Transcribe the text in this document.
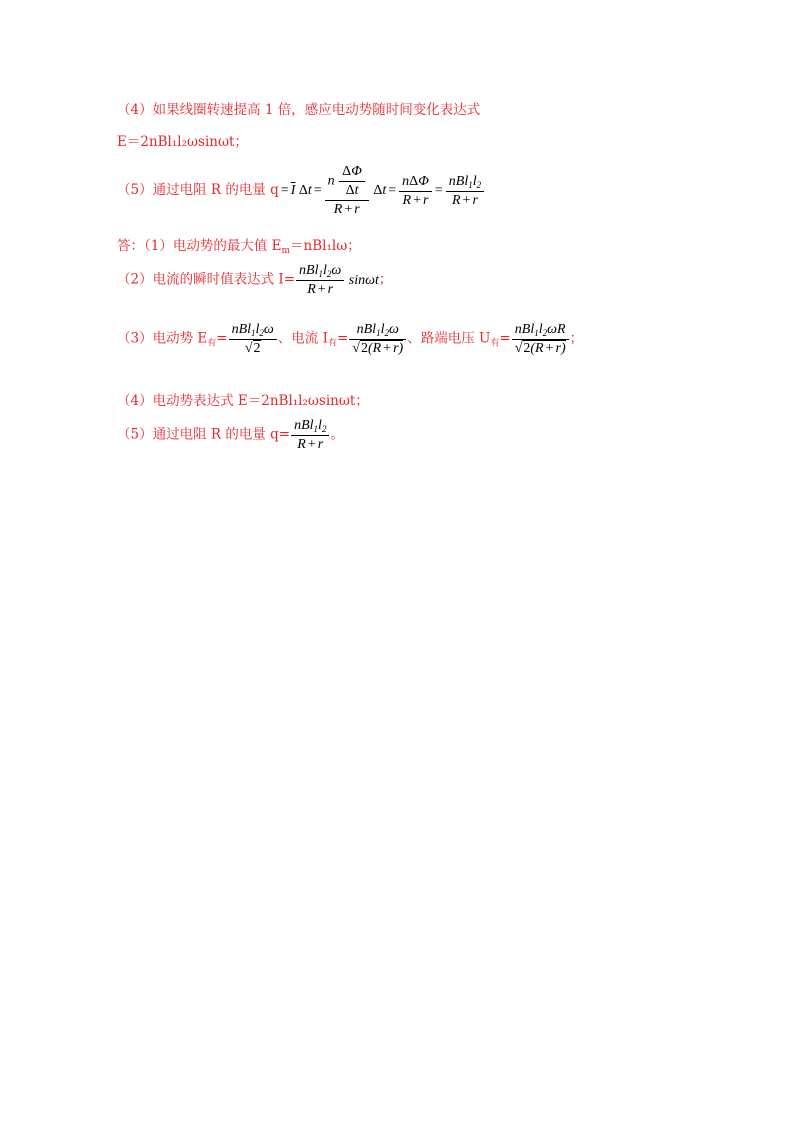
（4）如果线圈转速提高 1 倍，感应电动势随时间变化表达式
E＝2nBl₁l₂ωsinωt；
（5）通过电阻 R 的电量 $q = \overline{I}$ $\Delta t = \frac{n \frac{\Delta\Phi}{\Delta t}}{R + r}$ $\Delta t = \frac{\text{nΔΦ}}{R + r} = \frac{nBl_1l_2}{R + r}$
答：（1）电动势的最大值 $E_m=nBl_1l\omega$；
（2）电流的瞬时值表达式 $I= \frac{nBl_1l_2\omega}{R + r}$ sinωt；
（3）电动势 $E_有= \frac{nBl_1l_2\omega}{√2}$ 、电流 $I_有= \frac{nBl_1l_2\omega}{√2(R + r)}$ 、路端电压 $U_有= \frac{nBl_1l_2\omega R}{√2(R + r)}$ ；
（4）电动势表达式 E＝2nBl₁l₂ωsinωt；
（5）通过电阻 R 的电量 $q= \frac{nBl_1l_2}{R + r}$ 。
